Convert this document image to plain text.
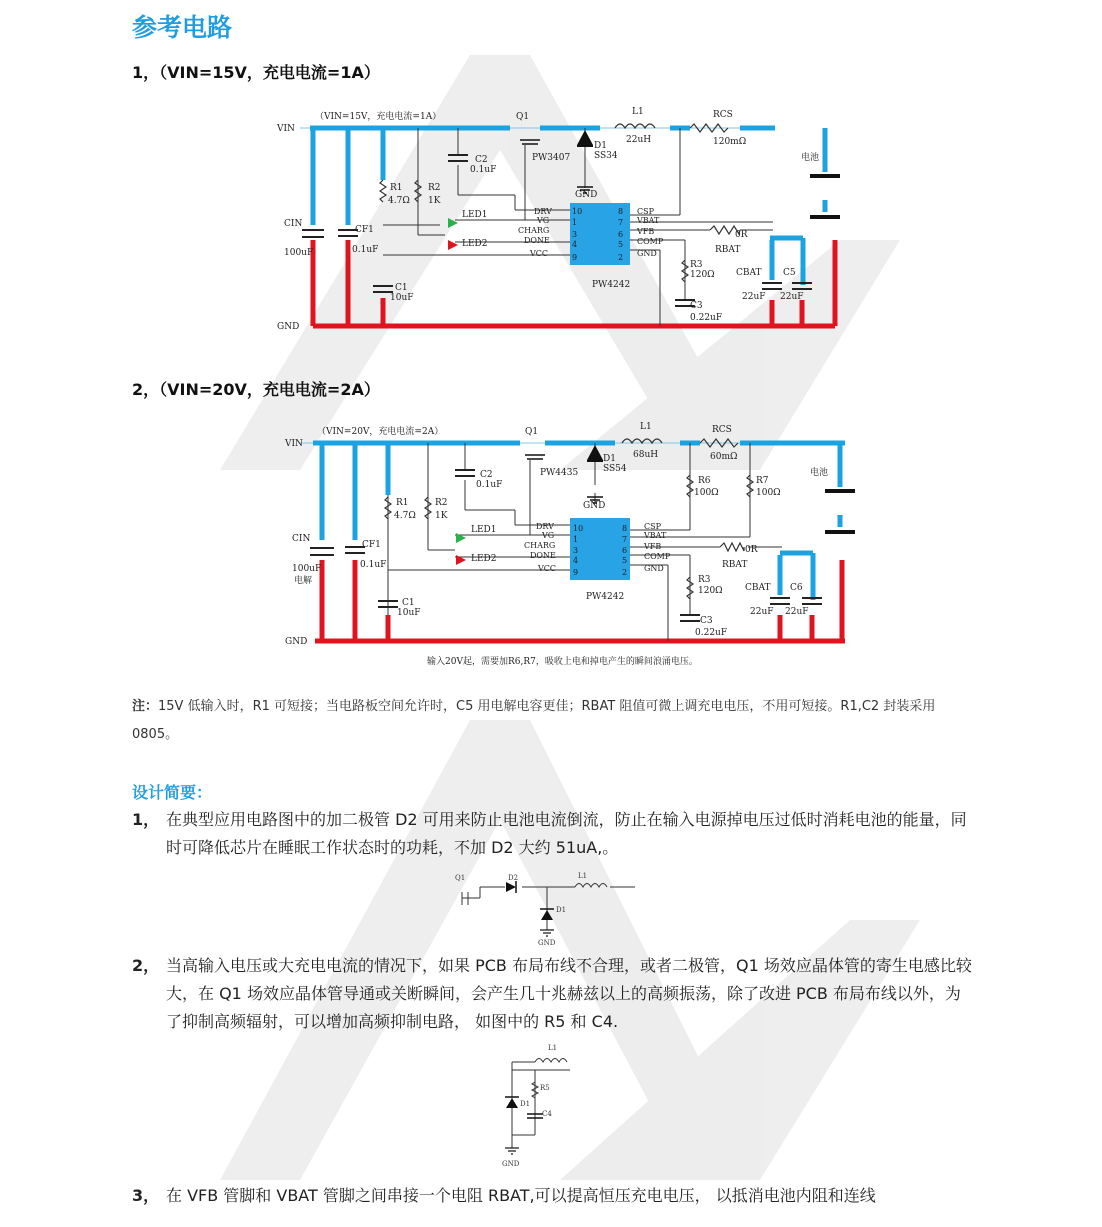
参考电路
1，（VIN=15V，充电电流=1A）
PW4242
VIN
GND
（VIN=15V，充电电流=1A）	Q1
PW3407
L1
22uH
RCS
120mΩ
D1
SS34
GND
C2
0.1uF
R1
4.7Ω
R2
1K
LED1
LED2
CIN
100uF
CF1
0.1uF
C1
10uF
电池
R3
120Ω
C3
0.22uF
0R
RBAT
CBAT
22uF
C5
22uF
DRV
VG
CHARG
DONE
VCC
CSP
VBAT
VFB
COMP
GND
10
1
3
4
9
8
7
6
5
2
2，（VIN=20V，充电电流=2A）
PW4242
VIN
GND
（VIN=20V，充电电流=2A）	Q1
PW4435
L1
68uH
RCS
60mΩ
D1
SS54
GND
C2
0.1uF
R1
4.7Ω
R2
1K
LED1
LED2
CIN
100uF
电解
CF1
0.1uF
C1
10uF
电池
R6
100Ω
R7
100Ω
R3
120Ω
C3
0.22uF
0R
RBAT
CBAT
22uF
C6
22uF
DRV
VG
CHARG
DONE
VCC
CSP
VBAT
VFB
COMP
GND
10
1
3
4
9
8
7
6
5
2
输入20V起，需要加R6,R7，吸收上电和掉电产生的瞬间浪涌电压。
注：15V 低输入时，R1 可短接；当电路板空间允许时，C5 用电解电容更佳；RBAT 阻值可微上调充电电压，不用可短接。R1,C2 封装采用 0805。
设计简要：
1， 在典型应用电路图中的加二极管 D2 可用来防止电池电流倒流，防止在输入电源掉电压过低时消耗电池的能量，同时可降低芯片在睡眠工作状态时的功耗，不加 D2 大约 51uA,。
Q1	D2	L1
D1
GND
2， 当高输入电压或大充电电流的情况下，如果 PCB 布局布线不合理，或者二极管，Q1 场效应晶体管的寄生电感比较大，在 Q1 场效应晶体管导通或关断瞬间，会产生几十兆赫兹以上的高频振荡，除了改进 PCB 布局布线以外，为了抑制高频辐射，可以增加高频抑制电路， 如图中的 R5 和 C4.
L1
R5
D1
C4
GND
3， 在 VFB 管脚和 VBAT 管脚之间串接一个电阻 RBAT,可以提高恒压充电电压， 以抵消电池内阻和连线
